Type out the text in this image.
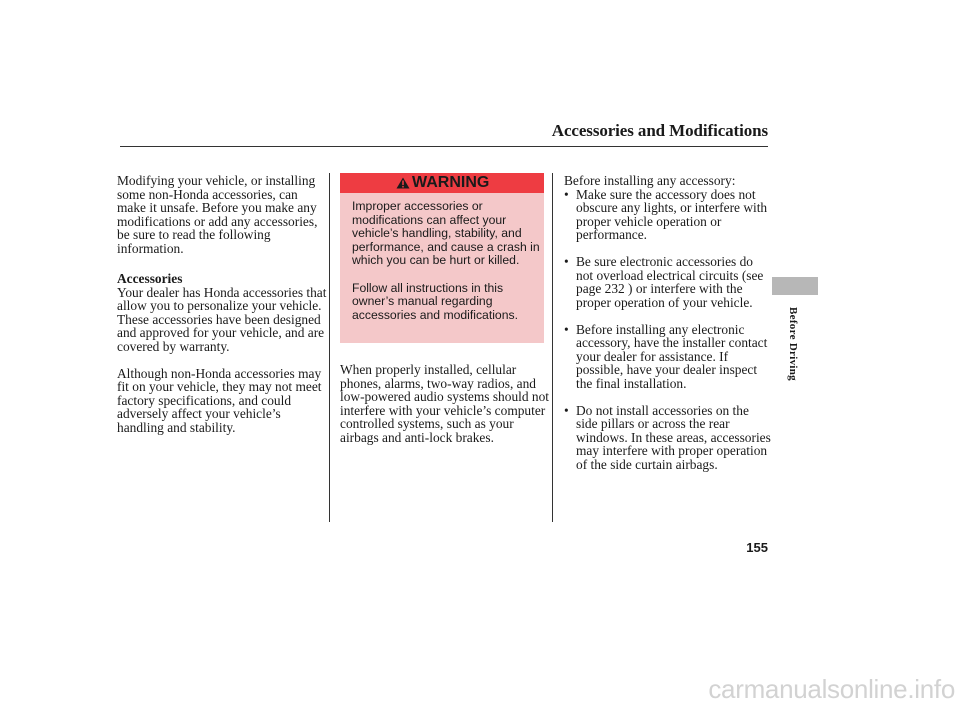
Accessories and Modifications

Modifying your vehicle, or installing some non-Honda accessories, can make it unsafe. Before you make any modifications or add any accessories, be sure to read the following information.

Accessories

Your dealer has Honda accessories that allow you to personalize your vehicle. These accessories have been designed and approved for your vehicle, and are covered by warranty.

Although non-Honda accessories may fit on your vehicle, they may not meet factory specifications, and could adversely affect your vehicle’s handling and stability.

WARNING

Improper accessories or modifications can affect your vehicle’s handling, stability, and performance, and cause a crash in which you can be hurt or killed.

Follow all instructions in this owner’s manual regarding accessories and modifications.

When properly installed, cellular phones, alarms, two-way radios, and low-powered audio systems should not interfere with your vehicle’s computer controlled systems, such as your airbags and anti-lock brakes.

Before installing any accessory:

• Make sure the accessory does not obscure any lights, or interfere with proper vehicle operation or performance.
• Be sure electronic accessories do not overload electrical circuits (see page 232 ) or interfere with the proper operation of your vehicle.
• Before installing any electronic accessory, have the installer contact your dealer for assistance. If possible, have your dealer inspect the final installation.
• Do not install accessories on the side pillars or across the rear windows. In these areas, accessories may interfere with proper operation of the side curtain airbags.
Before Driving
155
carmanualsonline.info
